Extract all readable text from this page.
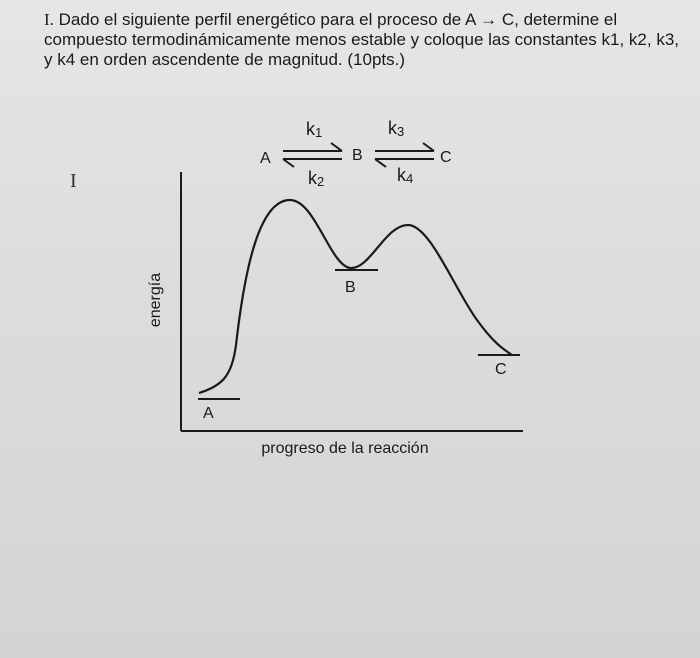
I. Dado el siguiente perfil energético para el proceso de A → C, determine el compuesto termodinámicamente menos estable y coloque las constantes k1, k2, k3, y k4 en orden ascendente de magnitud. (10pts.)
I
A	B	C
k1
k2
k3
k4
energía
progreso de la reacción
A
B
C
